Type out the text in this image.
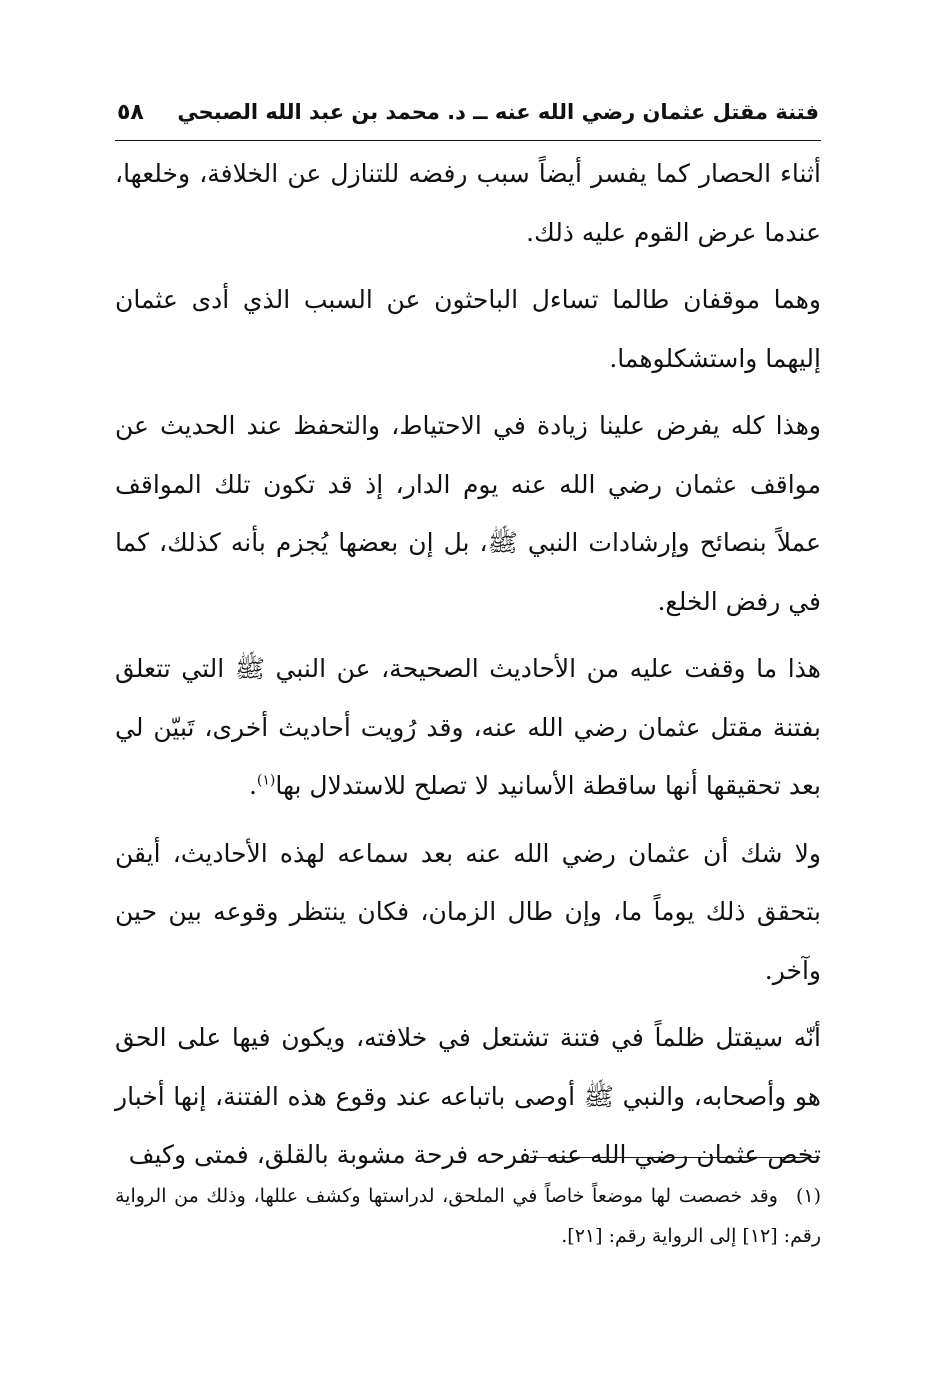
فتنة مقتل عثمان رضي الله عنه ــ د. محمد بن عبد الله الصبحي
٥٨

أثناء الحصار كما يفسر أيضاً سبب رفضه للتنازل عن الخلافة، وخلعها، عندما عرض القوم عليه ذلك.

وهما موقفان طالما تساءل الباحثون عن السبب الذي أدى عثمان إليهما واستشكلوهما.

وهذا كله يفرض علينا زيادة في الاحتياط، والتحفظ عند الحديث عن مواقف عثمان رضي الله عنه يوم الدار، إذ قد تكون تلك المواقف عملاً بنصائح وإرشادات النبي ﷺ، بل إن بعضها يُجزم بأنه كذلك، كما في رفض الخلع.

هذا ما وقفت عليه من الأحاديث الصحيحة، عن النبي ﷺ التي تتعلق بفتنة مقتل عثمان رضي الله عنه، وقد رُويت أحاديث أخرى، تَبيّن لي بعد تحقيقها أنها ساقطة الأسانيد لا تصلح للاستدلال بها$^{(١)}$.

ولا شك أن عثمان رضي الله عنه بعد سماعه لهذه الأحاديث، أيقن بتحقق ذلك يوماً ما، وإن طال الزمان، فكان ينتظر وقوعه بين حين وآخر.

أنّه سيقتل ظلماً في فتنة تشتعل في خلافته، ويكون فيها على الحق هو وأصحابه، والنبي ﷺ أوصى باتباعه عند وقوع هذه الفتنة، إنها أخبار تخص عثمان رضي الله عنه تفرحه فرحة مشوبة بالقلق، فمتى وكيف

(١)وقد خصصت لها موضعاً خاصاً في الملحق، لدراستها وكشف عللها، وذلك من الرواية رقم: [١٢] إلى الرواية رقم: [٢١].
